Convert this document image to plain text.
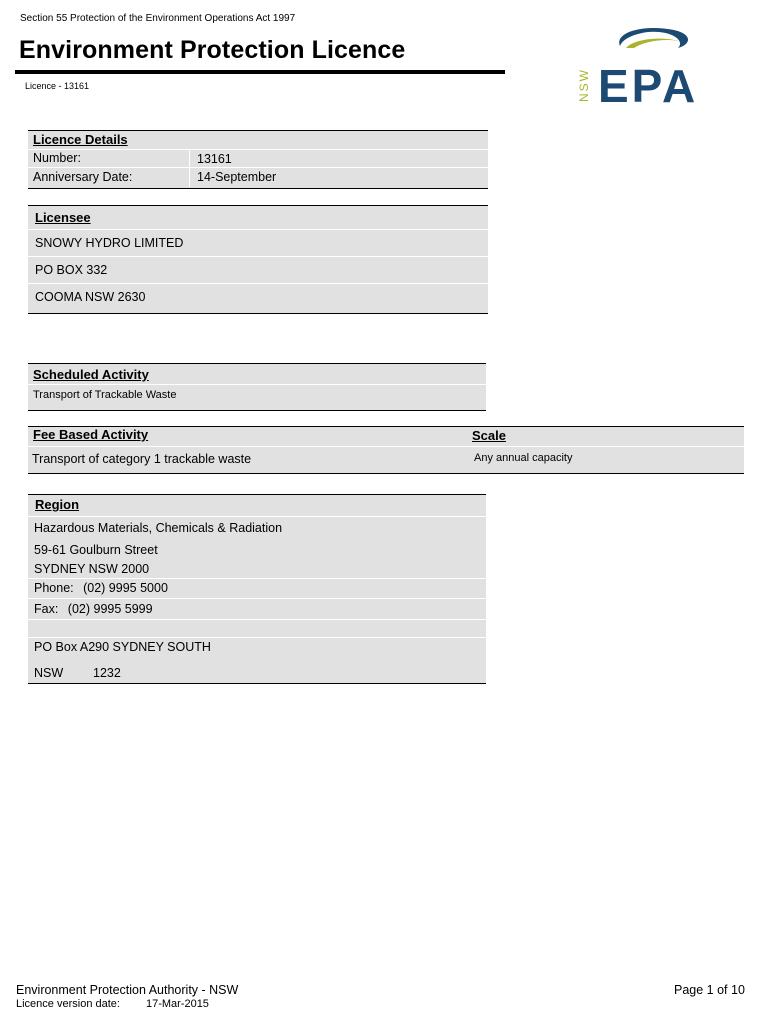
Section 55 Protection of the Environment Operations Act 1997
Environment Protection Licence
Licence - 13161	NSW EPA
Licence Details
Number:	13161
Anniversary Date:	14-September
Licensee
SNOWY HYDRO LIMITED
PO BOX 332
COOMA NSW 2630
Scheduled Activity
Transport of Trackable Waste
Fee Based Activity	Scale
Transport of category 1 trackable waste	Any annual capacity
Region
Hazardous Materials, Chemicals & Radiation
59-61 Goulburn Street
SYDNEY NSW 2000
Phone: (02) 9995 5000
Fax: (02) 9995 5999
PO Box A290 SYDNEY SOUTH
NSW 1232
Environment Protection Authority - NSW
Licence version date: 17-Mar-2015
Page 1 of 10
